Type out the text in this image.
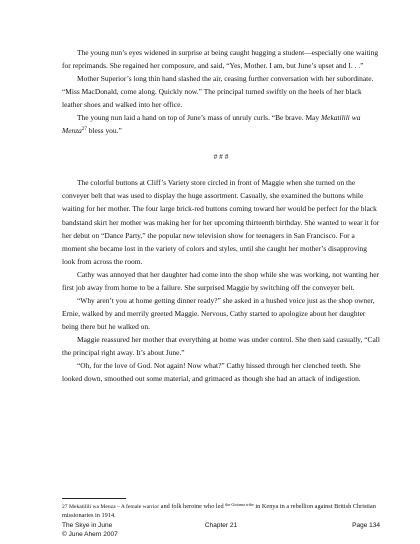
The young nun’s eyes widened in surprise at being caught hugging a student—especially one waiting for reprimands. She regained her composure, and said, “Yes, Mother. I am, but June’s upset and I. . .”

Mother Superior’s long thin hand slashed the air, ceasing further conversation with her subordinate. “Miss MacDonald, come along. Quickly now.” The principal turned swiftly on the heels of her black leather shoes and walked into her office.

The young nun laid a hand on top of June’s mass of unruly curls. “Be brave. May Mekatilili wa Menza$^{27}$ bless you.”

# # #

The colorful buttons at Cliff’s Variety store circled in front of Maggie when she turned on the conveyer belt that was used to display the huge assortment. Casually, she examined the buttons while waiting for her mother. The four large brick-red buttons coming toward her would be perfect for the black bandstand skirt her mother was making her for her upcoming thirteenth birthday. She wanted to wear it for her debut on “Dance Party,” the popular new television show for teenagers in San Francisco. For a moment she became lost in the variety of colors and styles, until she caught her mother’s disapproving look from across the room.

Cathy was annoyed that her daughter had come into the shop while she was working, not wanting her first job away from home to be a failure. She surprised Maggie by switching off the conveyer belt.

“Why aren’t you at home getting dinner ready?” she asked in a hushed voice just as the shop owner, Ernie, walked by and merrily greeted Maggie. Nervous, Cathy started to apologize about her daughter being there but he walked on.

Maggie reassured her mother that everything at home was under control. She then said casually, “Call the principal right away. It’s about June.”

“Oh, for the love of God. Not again! Now what?” Cathy hissed through her clenched teeth. She looked down, smoothed out some material, and grimaced as though she had an attack of indigestion.

27 Mekatilili wa Menza – A female warrior and folk heroine who led $^{the Giriama tribe}$ in Kenya in a rebellion against British Christian missionaries in 1914.
The Skye in June	Chapter 21	Page 134
© June Ahern 2007
